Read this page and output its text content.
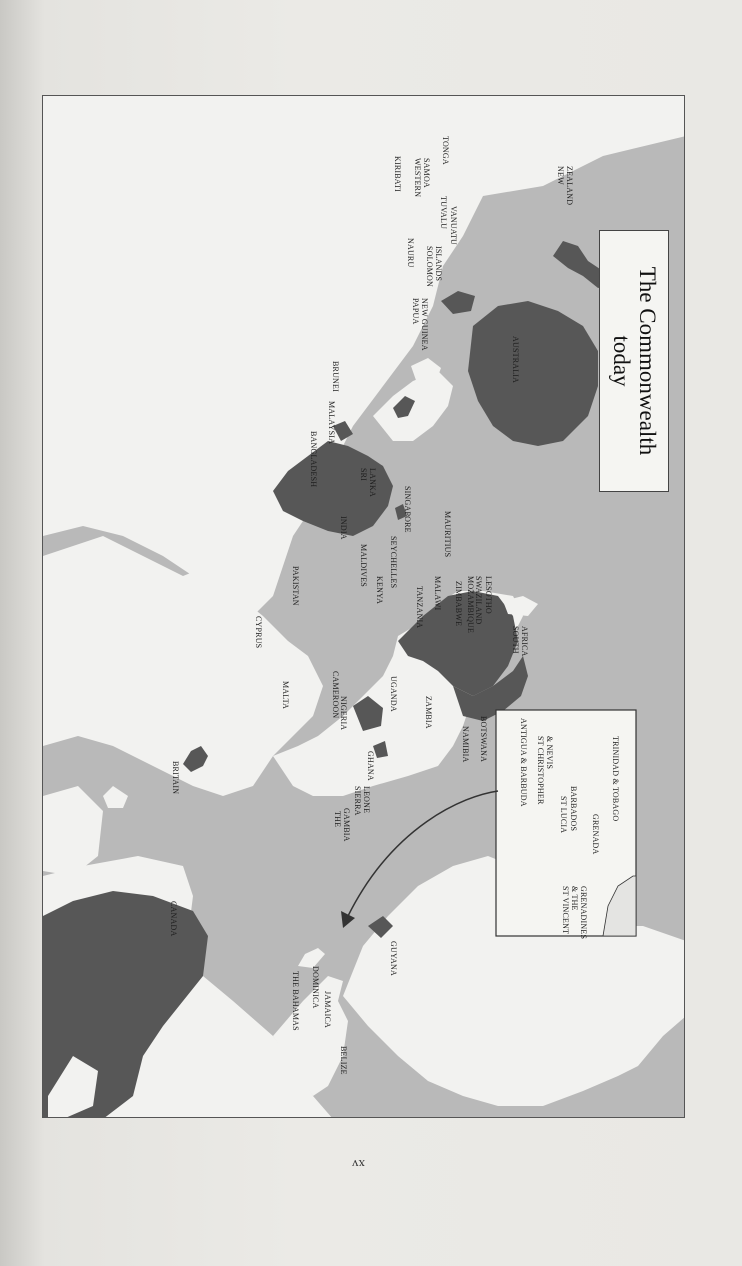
CANADA
BRITAIN
THE BAHAMAS DOMINICA
JAMAICA
BELIZE
GUYANA
THE GAMBIA
SIERRA LEONE
GHANA
NIGERIA
CAMEROON
MALTA
CYPRUS
UGANDA
KENYA
ZAMBIA
NAMIBIA BOTSWANA
TANZANIA MALAWI ZIMBABWE MOZAMBIQUE SWAZILAND LESOTHO
SOUTH AFRICA
MAURITIUS
SEYCHELLES
MALDIVES
PAKISTAN
INDIA
BANGLADESH	SRI LANKA
SINGAPORE
MALAYSIA
BRUNEI
PAPUA NEW GUINEA
SOLOMON ISLANDS
NAURU
KIRIBATI WESTERN SAMOA
TUVALU VANUATU
TONGA
AUSTRALIA
NEW ZEALAND
ANTIGUA & BARBUDA ST CHRISTOPHER & NEVIS
ST LUCIA BARBADOS
ST VINCENT & THE GRENADINES
GRENADA
TRINIDAD & TOBAGO
The Commonwealth
today
xv
